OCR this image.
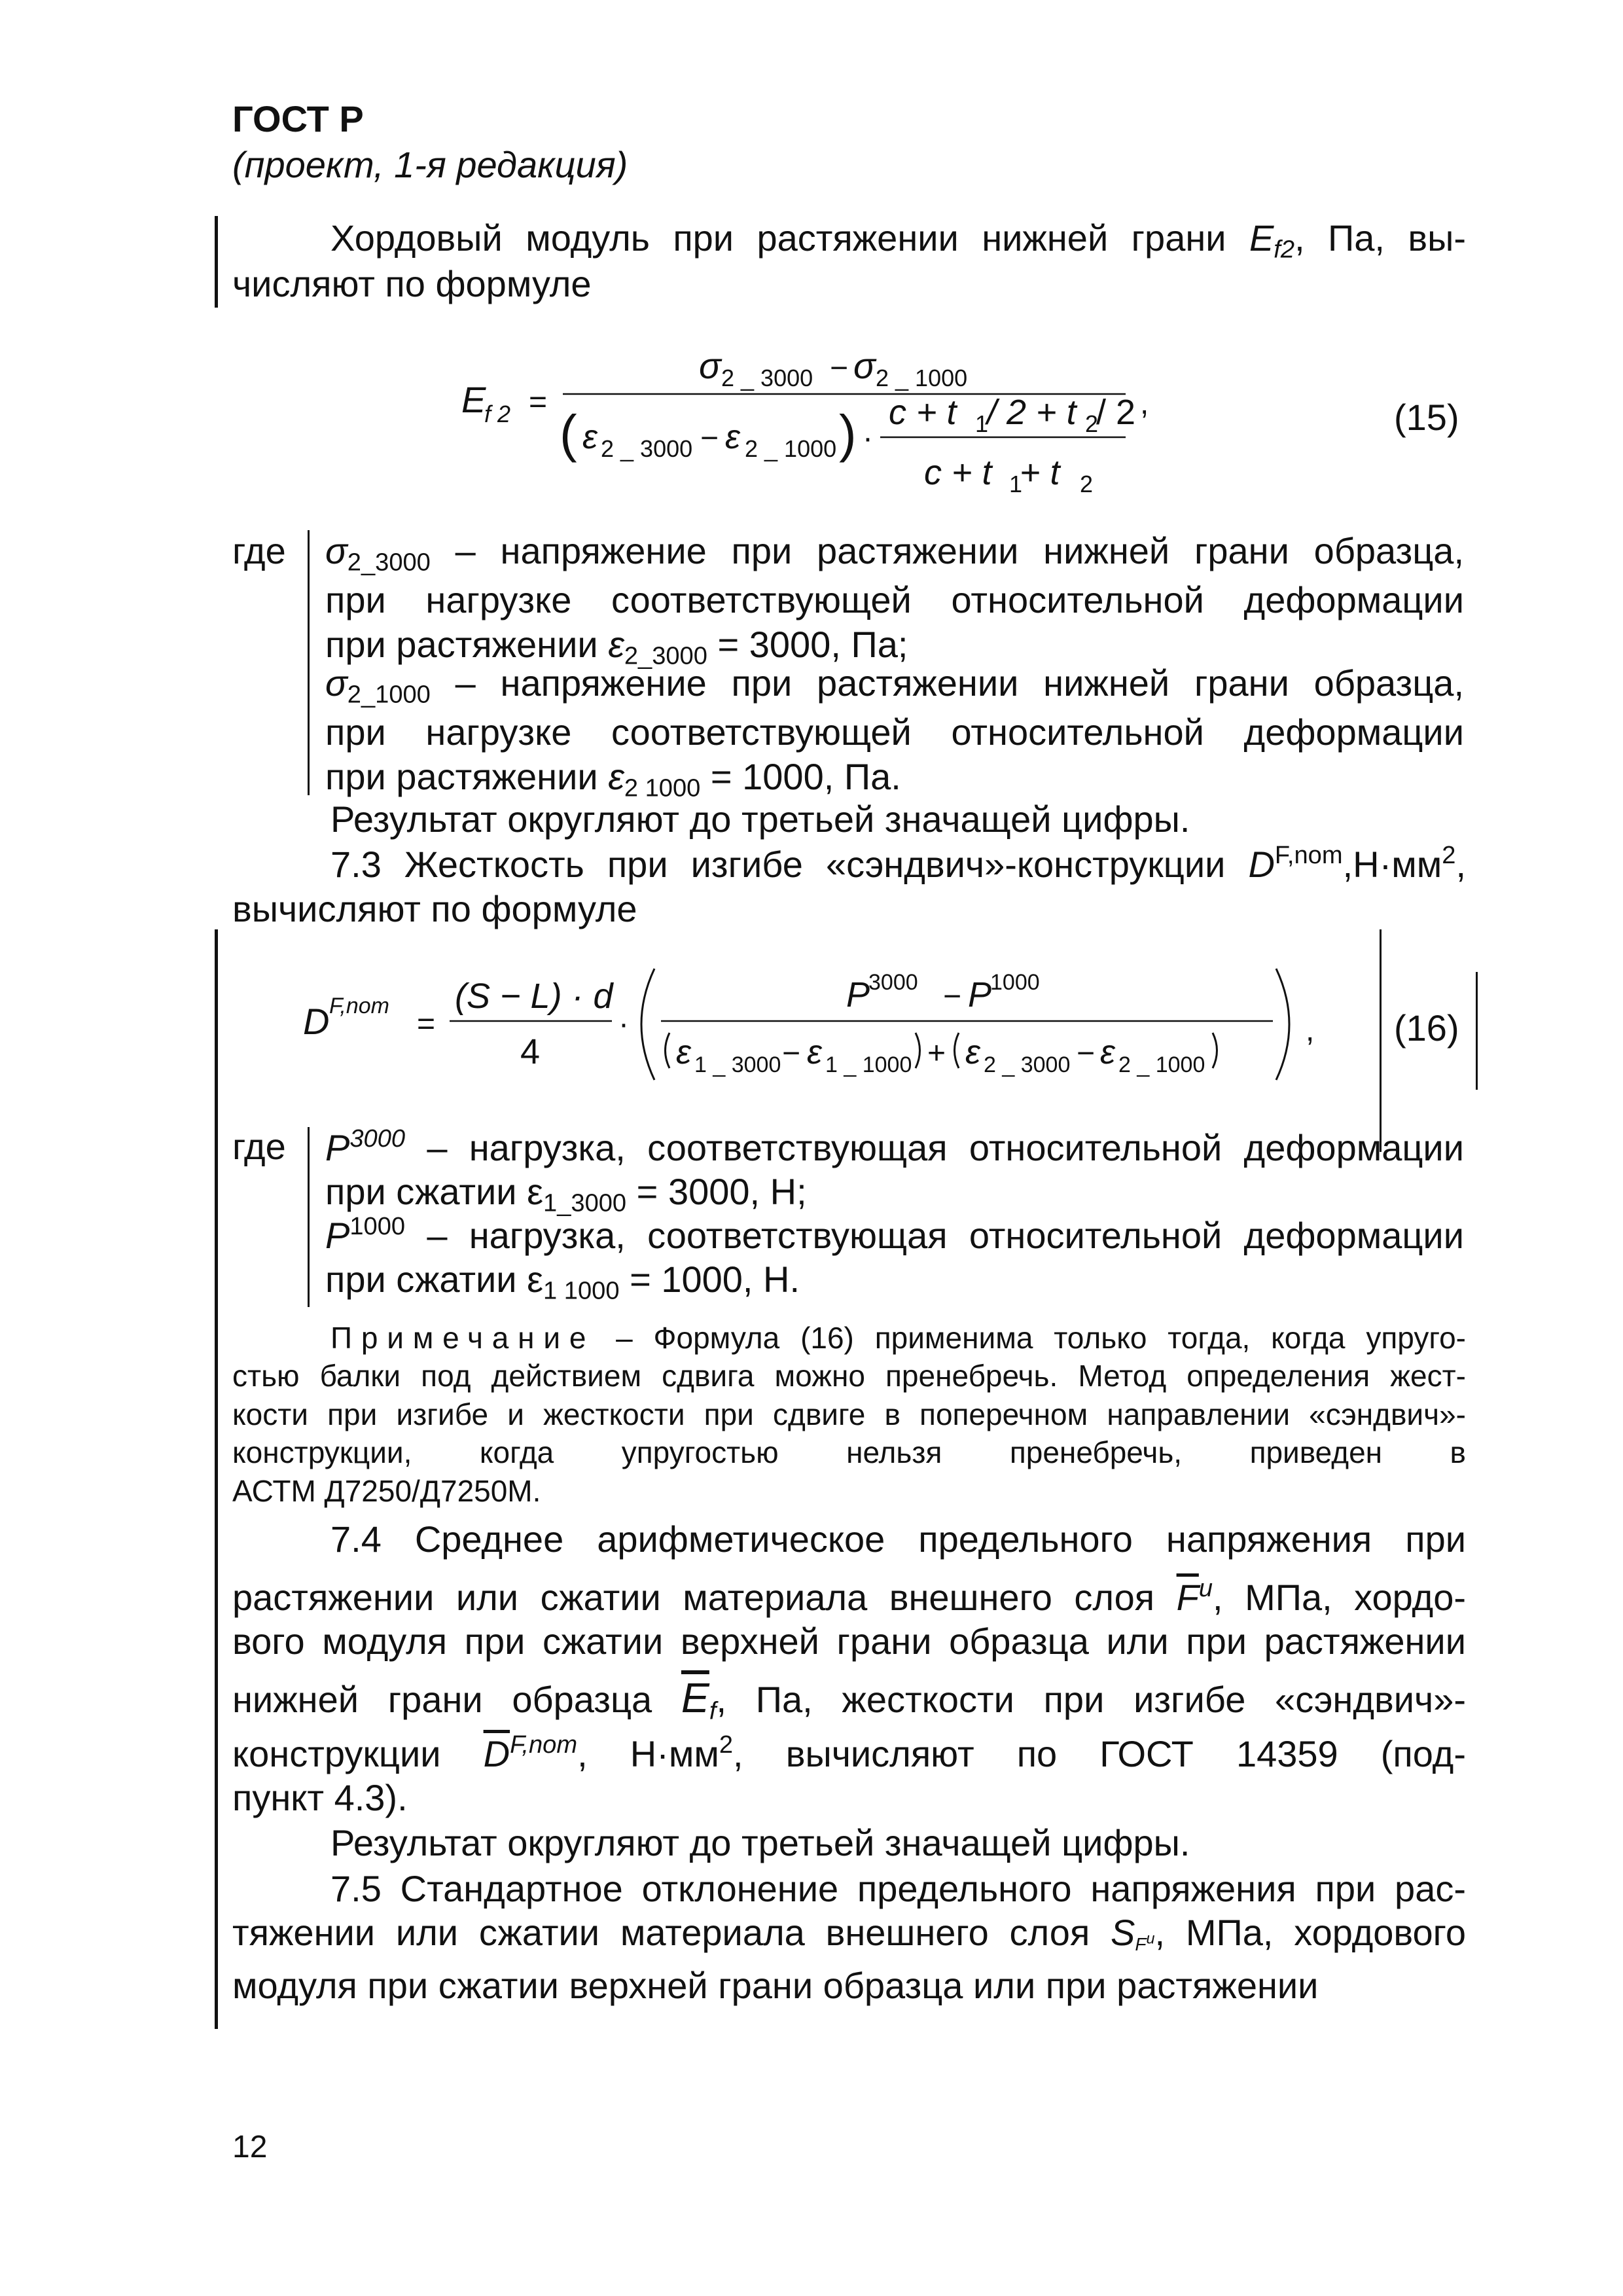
ГОСТ Р
(проект, 1-я редакция)
Хордовый модуль при растяжении нижней грани $E_{f2}$, Па, вы-
числяют по формуле
E
f 2 =
σ 2 _ 3000 − σ 2 _ 1000
( ε 2 _ 3000 − ε 2 _ 1000 ) ·
c + t 1
/ 2 + t 2
/ 2
c + t 1
+ t 2
,	(15)
где $\sigma_{2\_3000}$ – напряжение при растяжении нижней грани образца,
при нагрузке соответствующей относительной деформации
при растяжении $\varepsilon_{2\_3000} = 3000$, Па;
$\sigma_{2\_1000}$ – напряжение при растяжении нижней грани образца,
при нагрузке соответствующей относительной деформации
при растяжении $\varepsilon_{2 1000} = 1000$, Па.
Результат округляют до третьей значащей цифры.
7.3 Жесткость при изгибе «сэндвич»-конструкции $D^{F,nom},Н\cdot мм^2$,
вычисляют по формуле
D F,nom
=
(S − L) · d
4
·
P
3000 − P
1000
ε 1 _ 3000 − ε 1 _ 1000 + ε 2 _ 3000 − ε 2 _ 1000
, (16)
где $P^{3000}$ – нагрузка, соответствующая относительной деформации
при сжатии $\varepsilon_{1\_3000} = 3000$, Н;
$P^{1000}$ – нагрузка, соответствующая относительной деформации
при сжатии $\varepsilon_{1 1000} = 1000$, Н.
Примечание – Формула (16) применима только тогда, когда упруго-
стью балки под действием сдвига можно пренебречь. Метод определения жест-
кости при изгибе и жесткости при сдвиге в поперечном направлении «сэндвич»-
конструкции, когда упругостью нельзя пренебречь, приведен в
АСТМ Д7250/Д7250М.
7.4 Среднее арифметическое предельного напряжения при
растяжении или сжатии материала внешнего слоя $\overline{F}^u$, МПа, хордо-
вого модуля при сжатии верхней грани образца или при растяжении
нижней грани образца $\overline{E}_f$, Па, жесткости при изгибе «сэндвич»-
конструкции $\overline{D}^{F,nom}$, $Н\cdot мм^2$, вычисляют по ГОСТ 14359 (под-
пункт 4.3).
Результат округляют до третьей значащей цифры.
7.5 Стандартное отклонение предельного напряжения при рас-
тяжении или сжатии материала внешнего слоя $S_{F^u}$, МПа, хордового
модуля при сжатии верхней грани образца или при растяжении
12
